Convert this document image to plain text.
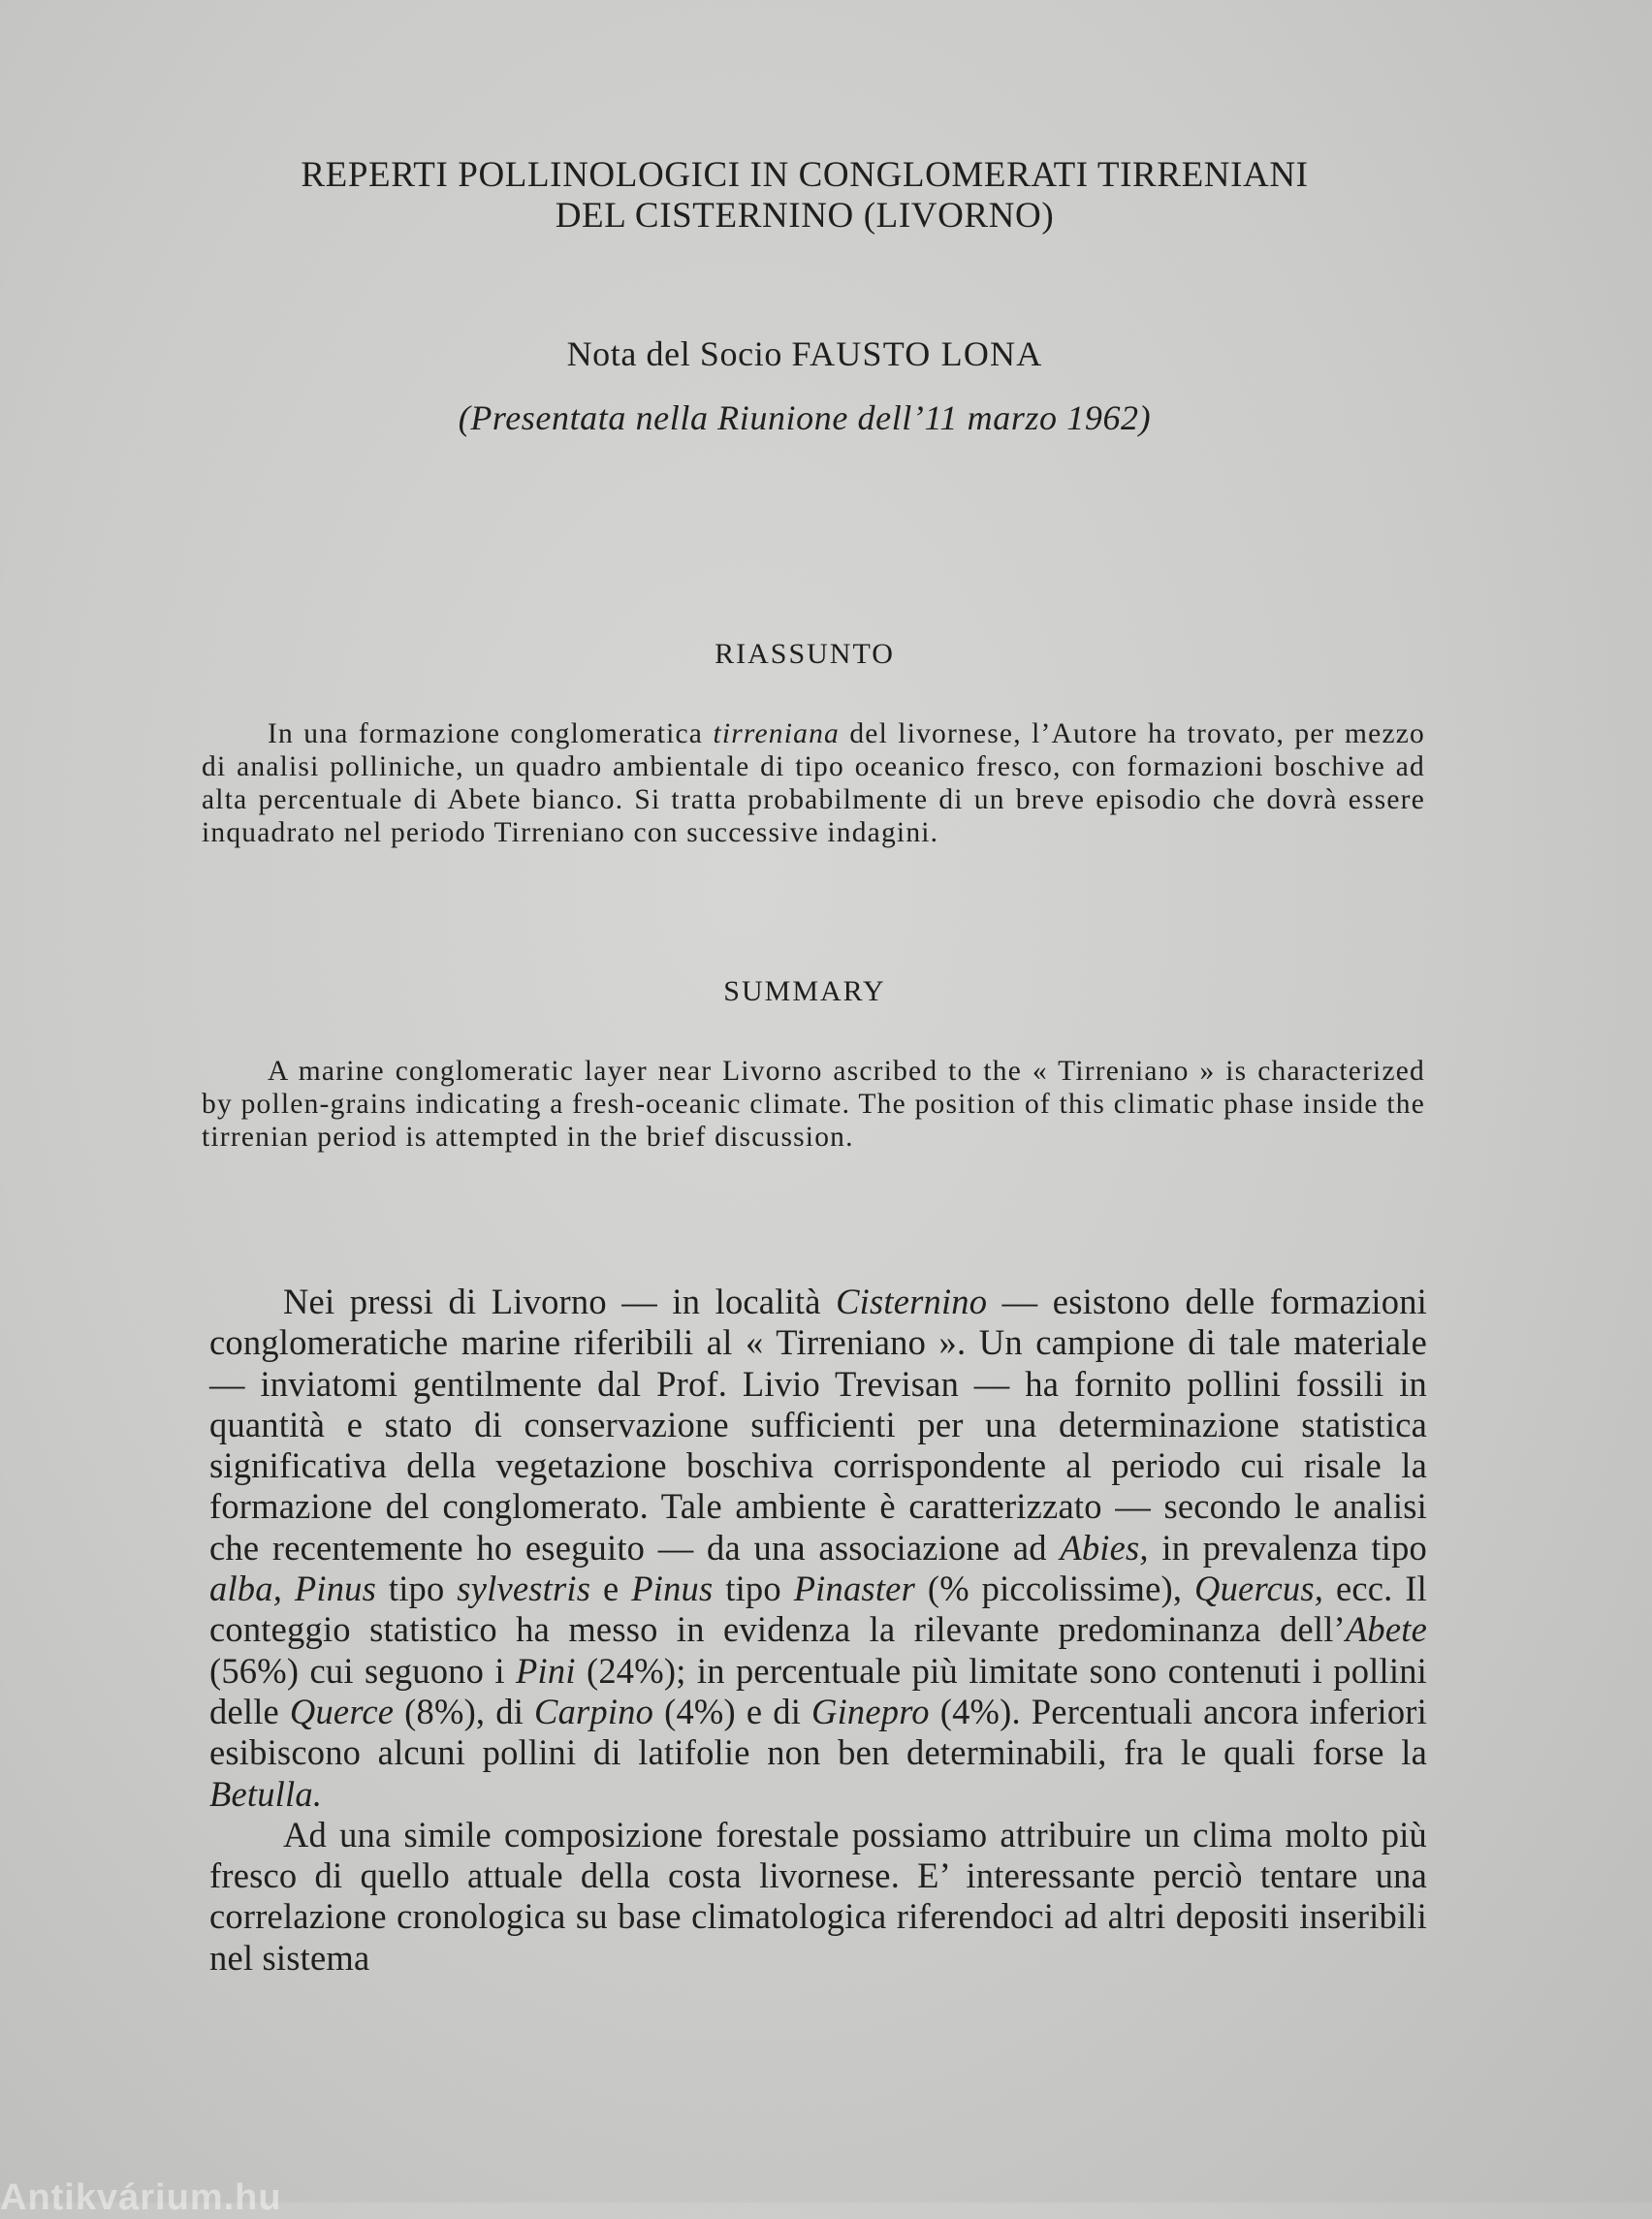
REPERTI POLLINOLOGICI IN CONGLOMERATI TIRRENIANI
DEL CISTERNINO (LIVORNO)
Nota del Socio FAUSTO LONA
(Presentata nella Riunione dell’11 marzo 1962)
RIASSUNTO

In una formazione conglomeratica tirreniana del livornese, l’Autore ha trovato, per mezzo di analisi polliniche, un quadro ambientale di tipo oceanico fresco, con formazioni boschive ad alta percentuale di Abete bianco. Si tratta probabilmente di un breve episodio che dovrà essere inquadrato nel periodo Tirreniano con successive indagini.

SUMMARY

A marine conglomeratic layer near Livorno ascribed to the « Tirreniano » is characterized by pollen-grains indicating a fresh-oceanic climate. The position of this climatic phase inside the tirrenian period is attempted in the brief discussion.

Nei pressi di Livorno — in località Cisternino — esistono delle formazioni conglomeratiche marine riferibili al « Tirreniano ». Un campione di tale materiale — inviatomi gentilmente dal Prof. Livio Trevisan — ha fornito pollini fossili in quantità e stato di conservazione sufficienti per una determinazione statistica significativa della vegetazione boschiva corrispondente al periodo cui risale la formazione del conglomerato. Tale ambiente è caratterizzato — secondo le analisi che recentemente ho eseguito — da una associazione ad Abies, in prevalenza tipo alba, Pinus tipo sylvestris e Pinus tipo Pinaster (% piccolissime), Quercus, ecc. Il conteggio statistico ha messo in evidenza la rilevante predominanza dell’Abete (56%) cui seguono i Pini (24%); in percentuale più limitate sono contenuti i pollini delle Querce (8%), di Carpino (4%) e di Ginepro (4%). Percentuali ancora inferiori esibiscono alcuni pollini di latifolie non ben determinabili, fra le quali forse la Betulla.

Ad una simile composizione forestale possiamo attribuire un clima molto più fresco di quello attuale della costa livornese. E’ interessante perciò tentare una correlazione cronologica su base climatologica riferendoci ad altri depositi inseribili nel sistema

Antikvárium.hu
